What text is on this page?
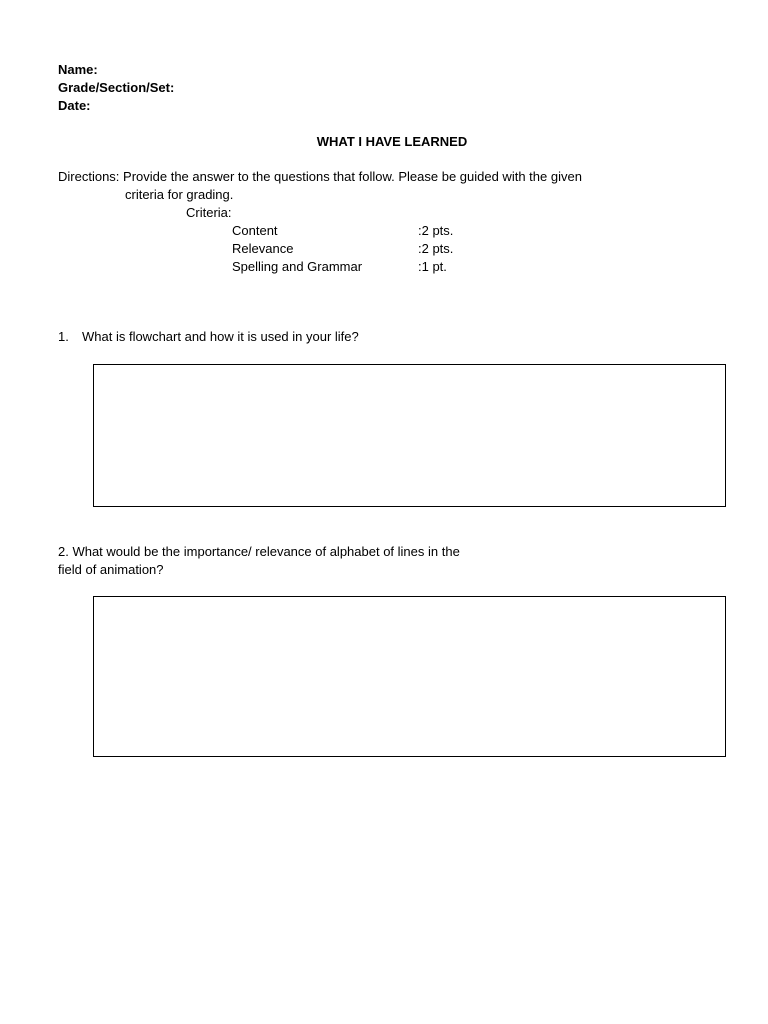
Name:
Grade/Section/Set:
Date:
WHAT I HAVE LEARNED
Directions: Provide the answer to the questions that follow. Please be guided with the given
criteria for grading.
Criteria:
Content	:2 pts.
Relevance	:2 pts.
Spelling and Grammar	:1 pt.
1. What is flowchart and how it is used in your life?
2. What would be the importance/ relevance of alphabet of lines in the
field of animation?
